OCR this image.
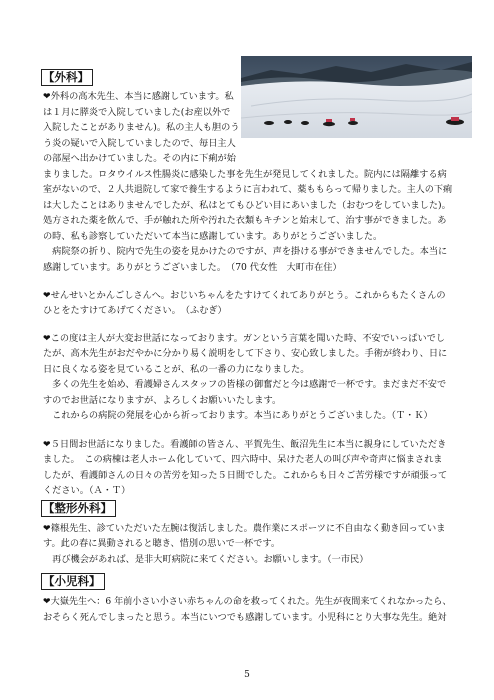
【外科】
❤外科の高木先生、本当に感謝しています。私
は１月に膵炎で入院していました(お産以外で
入院したことがありません)。私の主人も胆のう
う炎の疑いで入院していましたので、毎日主人
の部屋へ出かけていました。その内に下痢が始
まりました。ロタウイルス性腸炎に感染した事を先生が発見してくれました。院内には隔離する病
室がないので、２人共退院して家で養生するように言われて、薬ももらって帰りました。主人の下痢
は大したことはありませんでしたが、私はとてもひどい目にあいました（おむつをしていました)。
処方された薬を飲んで、手が触れた所や汚れた衣類もキチンと始末して、治す事ができました。あ
の時、私も診察していただいて本当に感謝しています。ありがとうございました。
　病院祭の折り、院内で先生の姿を見かけたのですが、声を掛ける事ができませんでした。本当に
感謝しています。ありがとうございました。　（70 代女性　大町市在住）
❤せんせいとかんごしさんへ。おじいちゃんをたすけてくれてありがとう。これからもたくさんの
ひとをたすけてあげてください。　（ふむぎ）
❤この度は主人が大変お世話になっております。ガンという言葉を聞いた時、不安でいっぱいでし
たが、高木先生がおだやかに分かり易く説明をして下さり、安心致しました。手術が終わり、日に
日に良くなる姿を見ていることが、私の一番の力になりました。
　多くの先生を始め、看護婦さんスタッフの皆様の御奮だと今は感謝で一杯です。まだまだ不安で
すのでお世話になりますが、よろしくお願いいたします。
　これからの病院の発展を心から祈っております。本当にありがとうございました。（Ｔ・Ｋ）
❤５日間お世話になりました。看護師の皆さん、平賀先生、飯沼先生に本当に親身にしていただき
ました。　この病棟は老人ホーム化していて、四六時中、呆けた老人の叫び声や奇声に悩まされま
したが、看護師さんの日々の苦労を知った５日間でした。これからも日々ご苦労様ですが頑張って
ください。（Ａ・Ｔ）
【整形外科】
❤篠根先生、診ていただいた左腕は復活しました。農作業にスポーツに不自由なく動き回っていま
す。此の春に異動されると聴き、惜別の思いで一杯です。
　再び機会があれば、是非大町病院に来てください。お願いします。（一市民）
【小児科】
❤大嶽先生へ：6 年前小さい小さい赤ちゃんの命を救ってくれた。先生が夜間来てくれなかったら、
おそらく死んでしまったと思う。本当にいつでも感謝しています。小児科にとり大事な先生。絶対
5
